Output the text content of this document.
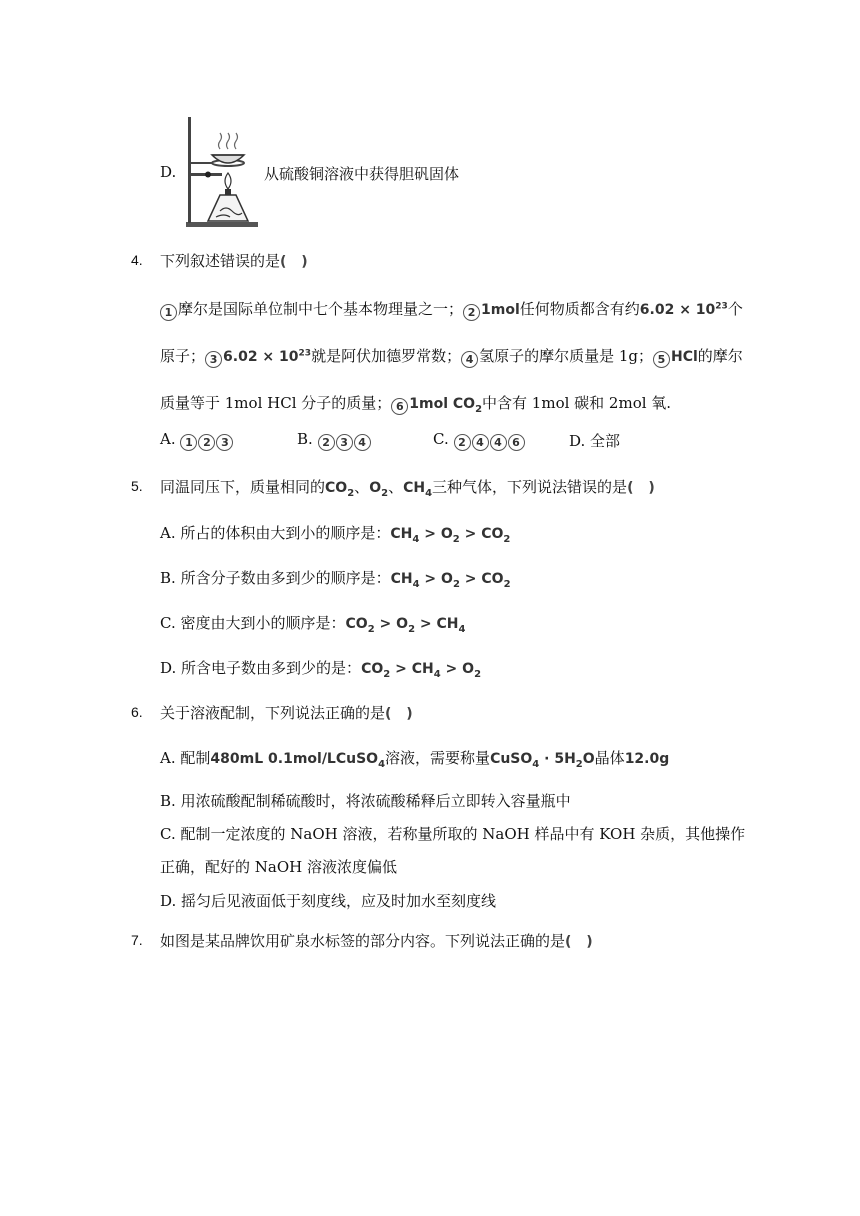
D.	从硫酸铜溶液中获得胆矾固体
4. 下列叙述错误的是( )
1 摩尔是国际单位制中七个基本物理量之一； 2 1mol任何物质都含有约$6.02 \times 10^{23}$个
原子； 3 $6.02 \times 10^{23}$就是阿伏加德罗常数； 4 氢原子的摩尔质量是 1g； 5 HCl的摩尔
质量等于 1mol HCl 分子的质量； 6 1mol $CO_2$中含有 1mol 碳和 2mol 氧.
A. 1 2 3	B. 2 3 4	C. 2 4 4 6	D. 全部
5. 同温同压下，质量相同的$CO_2$、$O_2$、$CH_4$三种气体，下列说法错误的是( )
A. 所占的体积由大到小的顺序是：$CH_4 > O_2 > CO_2$
B. 所含分子数由多到少的顺序是：$CH_4 > O_2 > CO_2$
C. 密度由大到小的顺序是：$CO_2 > O_2 > CH_4$
D. 所含电子数由多到少的是：$CO_2 > CH_4 > O_2$
6. 关于溶液配制，下列说法正确的是( )
A. 配制480mL 0.1mol/LCuSO$_4$溶液，需要称量CuSO$_4$ · $5H_2O$晶体12.0g
B. 用浓硫酸配制稀硫酸时，将浓硫酸稀释后立即转入容量瓶中
C. 配制一定浓度的 NaOH 溶液，若称量所取的 NaOH 样品中有 KOH 杂质，其他操作
正确，配好的 NaOH 溶液浓度偏低
D. 摇匀后见液面低于刻度线，应及时加水至刻度线
7. 如图是某品牌饮用矿泉水标签的部分内容。下列说法正确的是( )
